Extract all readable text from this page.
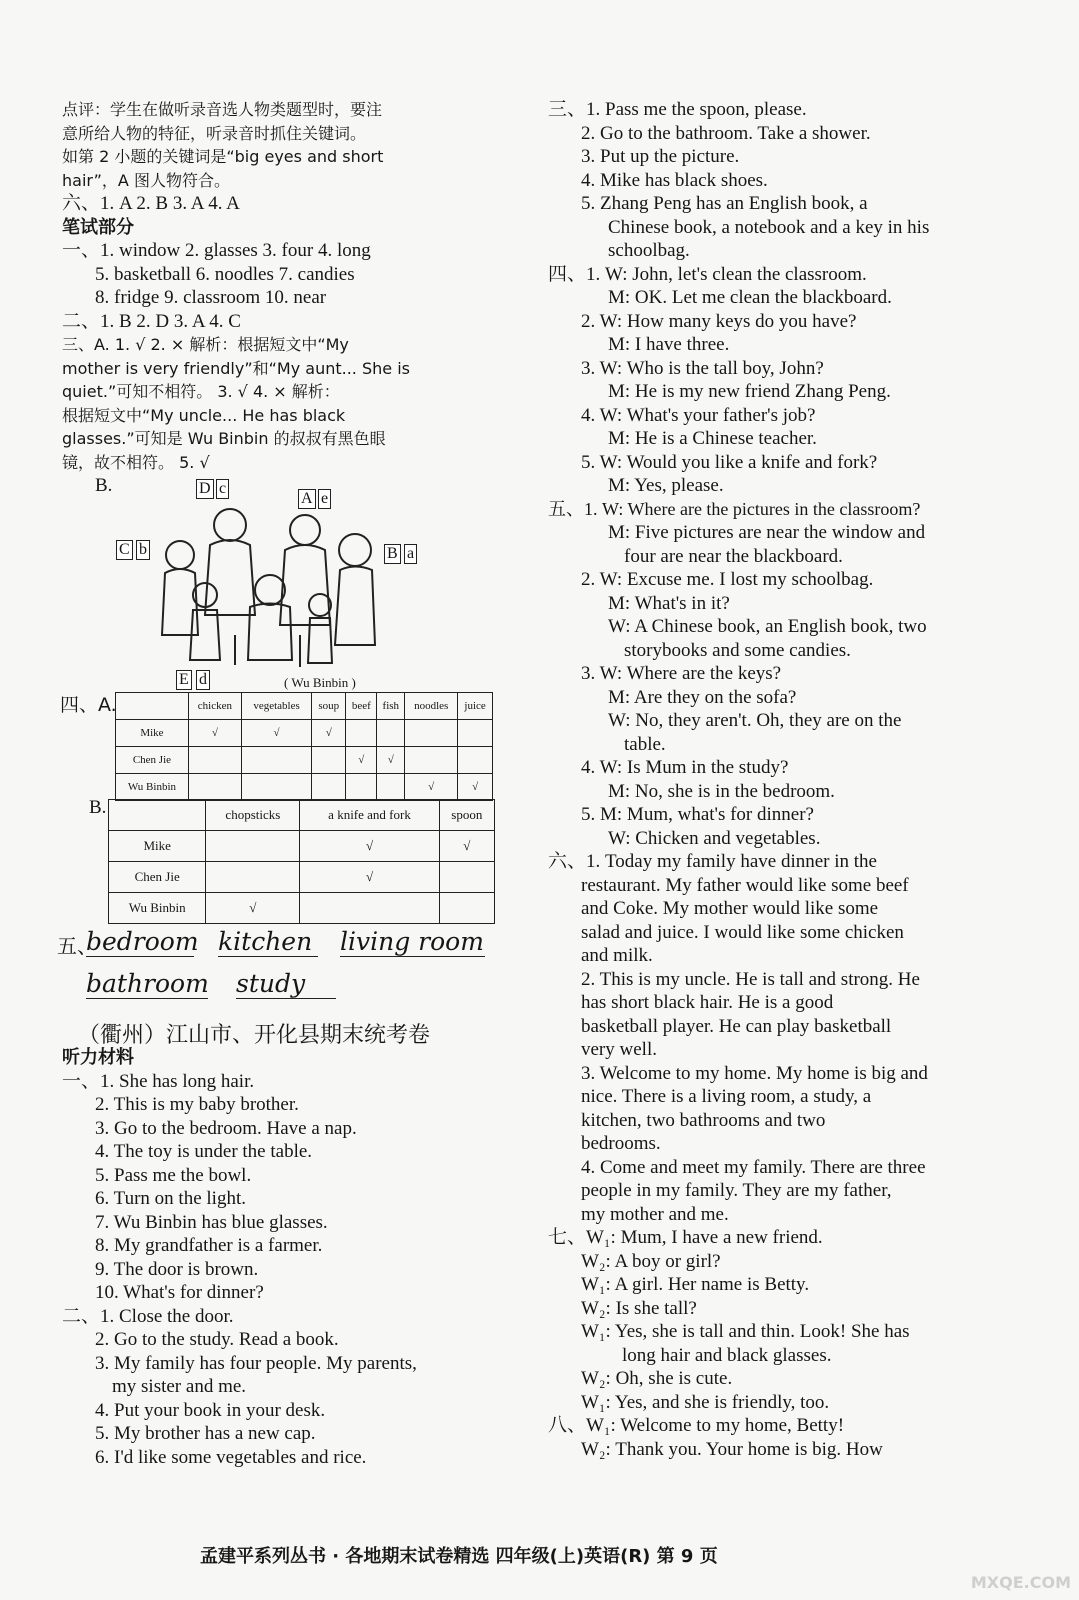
点评：学生在做听录音选人物类题型时，要注
意所给人物的特征，听录音时抓住关键词。
如第 2 小题的关键词是“big eyes and short
hair”，A 图人物符合。
六、1. A 2. B 3. A 4. A
笔试部分
一、1. window 2. glasses 3. four 4. long
5. basketball 6. noodles 7. candies
8. fridge 9. classroom 10. near
二、1. B 2. D 3. A 4. C
三、A. 1. √ 2. × 解析：根据短文中“My
mother is very friendly”和“My aunt... She is
quiet.”可知不相符。 3. √ 4. × 解析：
根据短文中“My uncle... He has black
glasses.”可知是 Wu Binbin 的叔叔有黑色眼
镜，故不相符。 5. √
B.	D c
A e
C b	B a
E d	( Wu Binbin )
四、A.
		chicken	vegetables	soup	beef	fish	noodles	juice
Mike	√	√	√				
Chen Jie				√	√		
Wu Binbin						√	√
B.
		chopsticks	a knife and fork	spoon
Mike		√	√
Chen Jie		√	
Wu Binbin	√		
五、
bedroom kitchen living room
bathroom study
（衢州）江山市、开化县期末统考卷
听力材料
一、1. She has long hair.
2. This is my baby brother.
3. Go to the bedroom. Have a nap.
4. The toy is under the table.
5. Pass me the bowl.
6. Turn on the light.
7. Wu Binbin has blue glasses.
8. My grandfather is a farmer.
9. The door is brown.
10. What's for dinner?
二、1. Close the door.
2. Go to the study. Read a book.
3. My family has four people. My parents,
my sister and me.
4. Put your book in your desk.
5. My brother has a new cap.
6. I'd like some vegetables and rice.
三、1. Pass me the spoon, please.
2. Go to the bathroom. Take a shower.
3. Put up the picture.
4. Mike has black shoes.
5. Zhang Peng has an English book, a
Chinese book, a notebook and a key in his
schoolbag.
四、1. W: John, let's clean the classroom.
M: OK. Let me clean the blackboard.
2. W: How many keys do you have?
M: I have three.
3. W: Who is the tall boy, John?
M: He is my new friend Zhang Peng.
4. W: What's your father's job?
M: He is a Chinese teacher.
5. W: Would you like a knife and fork?
M: Yes, please.
五、1. W: Where are the pictures in the classroom?
M: Five pictures are near the window and
four are near the blackboard.
2. W: Excuse me. I lost my schoolbag.
M: What's in it?
W: A Chinese book, an English book, two
storybooks and some candies.
3. W: Where are the keys?
M: Are they on the sofa?
W: No, they aren't. Oh, they are on the
table.
4. W: Is Mum in the study?
M: No, she is in the bedroom.
5. M: Mum, what's for dinner?
W: Chicken and vegetables.
六、1. Today my family have dinner in the
restaurant. My father would like some beef
and Coke. My mother would like some
salad and juice. I would like some chicken
and milk.
2. This is my uncle. He is tall and strong. He
has short black hair. He is a good
basketball player. He can play basketball
very well.
3. Welcome to my home. My home is big and
nice. There is a living room, a study, a
kitchen, two bathrooms and two
bedrooms.
4. Come and meet my family. There are three
people in my family. They are my father,
my mother and me.
七、W₁: Mum, I have a new friend.
W₂: A boy or girl?
W₁: A girl. Her name is Betty.
W₂: Is she tall?
W₁: Yes, she is tall and thin. Look! She has
long hair and black glasses.
W₂: Oh, she is cute.
W₁: Yes, and she is friendly, too.
八、W₁: Welcome to my home, Betty!
W₂: Thank you. Your home is big. How
孟建平系列丛书 · 各地期末试卷精选 四年级(上)英语(R) 第 9 页
MXQE.COM
